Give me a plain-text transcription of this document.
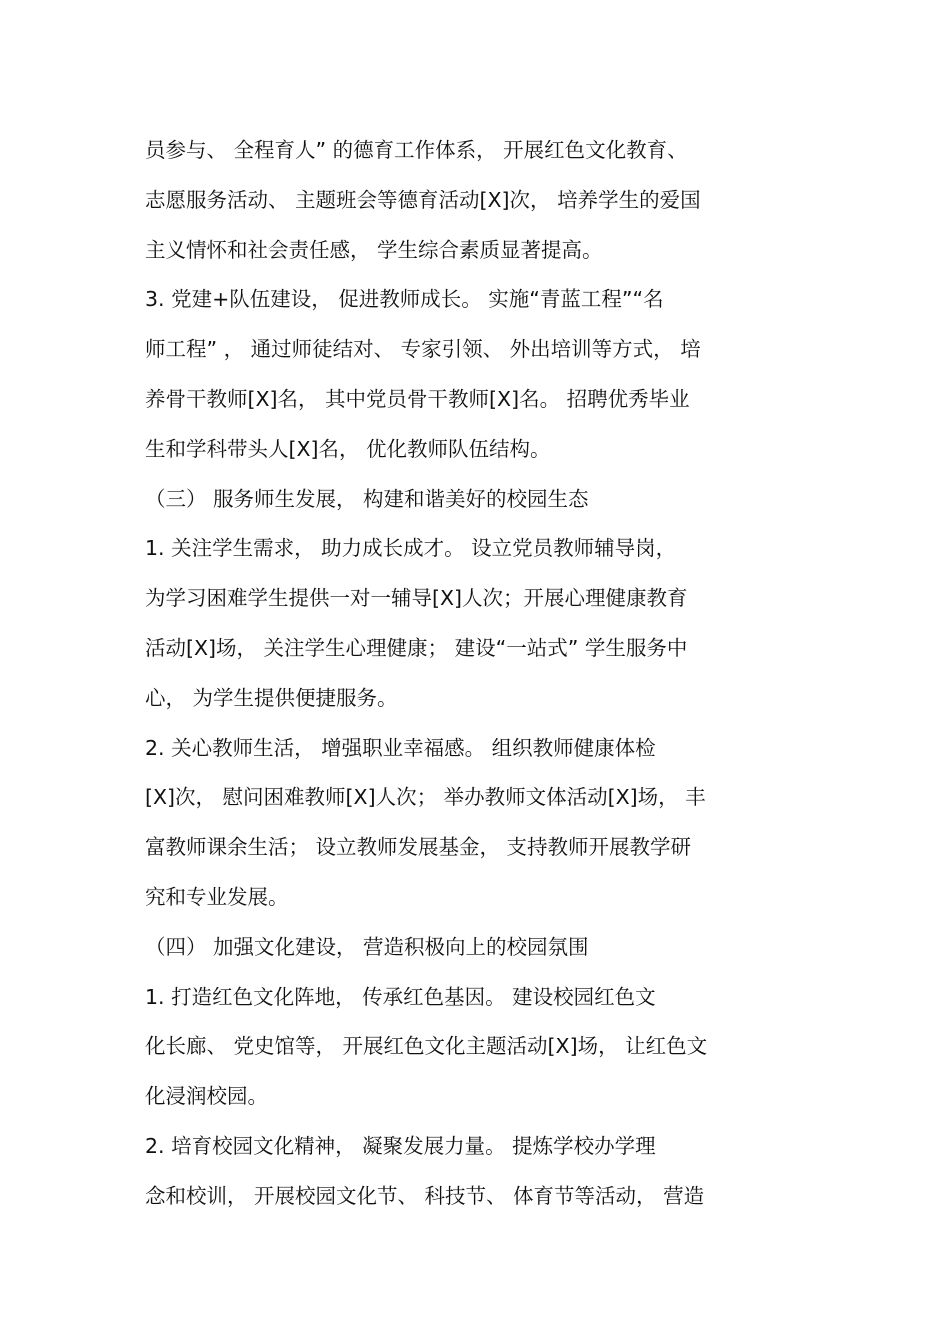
员参与、 全程育人” 的德育工作体系， 开展红色文化教育、
志愿服务活动、 主题班会等德育活动[X]次， 培养学生的爱国
主义情怀和社会责任感， 学生综合素质显著提高。
3. 党建+队伍建设， 促进教师成长。 实施“青蓝工程”“名
师工程” ， 通过师徒结对、 专家引领、 外出培训等方式， 培
养骨干教师[X]名， 其中党员骨干教师[X]名。 招聘优秀毕业
生和学科带头人[X]名， 优化教师队伍结构。
（三） 服务师生发展， 构建和谐美好的校园生态
1. 关注学生需求， 助力成长成才。 设立党员教师辅导岗，
为学习困难学生提供一对一辅导[X]人次；开展心理健康教育
活动[X]场， 关注学生心理健康； 建设“一站式” 学生服务中
心， 为学生提供便捷服务。
2. 关心教师生活， 增强职业幸福感。 组织教师健康体检
[X]次， 慰问困难教师[X]人次； 举办教师文体活动[X]场， 丰
富教师课余生活； 设立教师发展基金， 支持教师开展教学研
究和专业发展。
（四） 加强文化建设， 营造积极向上的校园氛围
1. 打造红色文化阵地， 传承红色基因。 建设校园红色文
化长廊、 党史馆等， 开展红色文化主题活动[X]场， 让红色文
化浸润校园。
2. 培育校园文化精神， 凝聚发展力量。 提炼学校办学理
念和校训， 开展校园文化节、 科技节、 体育节等活动， 营造
